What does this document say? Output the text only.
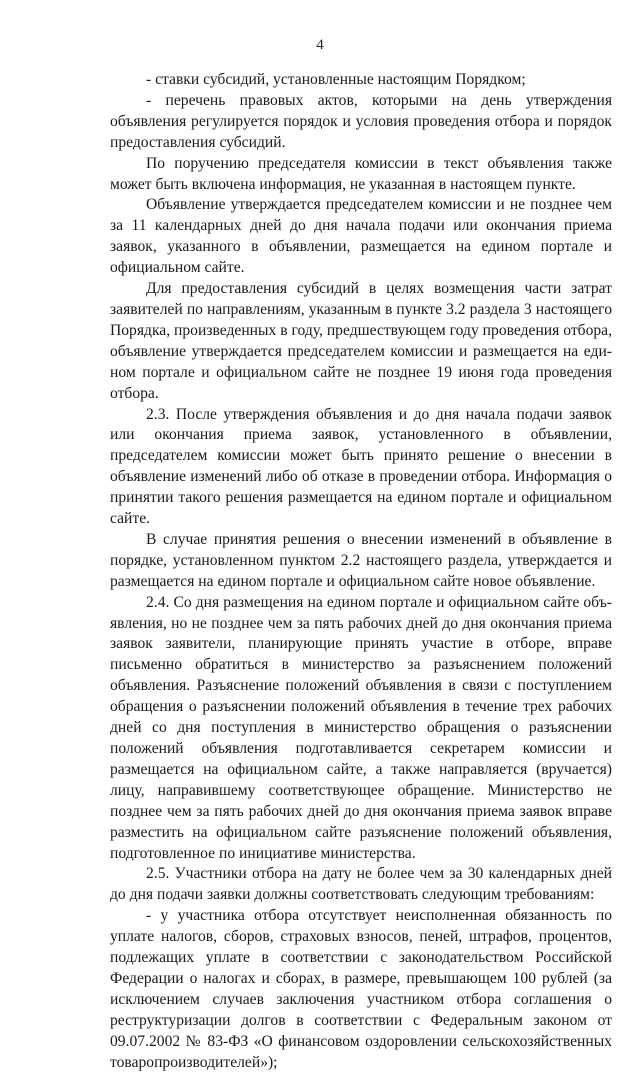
4

- ставки субсидий, установленные настоящим Порядком;

- перечень правовых актов, которыми на день утверждения объявления регулируется порядок и условия проведения отбора и порядок предоставления субсидий.

По поручению председателя комиссии в текст объявления также может быть включена информация, не указанная в настоящем пункте.

Объявление утверждается председателем комиссии и не позднее чем за 11 календарных дней до дня начала подачи или окончания приема заявок, указанного в объявлении, размещается на едином портале и официальном сайте.

Для предоставления субсидий в целях возмещения части затрат заявителей по направлениям, указанным в пункте 3.2 раздела 3 настоящего Порядка, произведенных в году, предшествующем году проведения отбора, объявление утверждается председателем комиссии и размещается на едином портале и официальном сайте не позднее 19 июня года проведения отбора.

2.3. После утверждения объявления и до дня начала подачи заявок или окончания приема заявок, установленного в объявлении, председателем комиссии может быть принято решение о внесении в объявление изменений либо об отказе в проведении отбора. Информация о принятии такого решения размещается на едином портале и официальном сайте.

В случае принятия решения о внесении изменений в объявление в порядке, установленном пунктом 2.2 настоящего раздела, утверждается и размещается на едином портале и официальном сайте новое объявление.

2.4. Со дня размещения на едином портале и официальном сайте объявления, но не позднее чем за пять рабочих дней до дня окончания приема заявок заявители, планирующие принять участие в отборе, вправе письменно обратиться в министерство за разъяснением положений объявления. Разъяснение положений объявления в связи с поступлением обращения о разъяснении положений объявления в течение трех рабочих дней со дня поступления в министерство обращения о разъяснении положений объявления подготавливается секретарем комиссии и размещается на официальном сайте, а также направляется (вручается) лицу, направившему соответствующее обращение. Министерство не позднее чем за пять рабочих дней до дня окончания приема заявок вправе разместить на официальном сайте разъяснение положений объявления, подготовленное по инициативе министерства.

2.5. Участники отбора на дату не более чем за 30 календарных дней до дня подачи заявки должны соответствовать следующим требованиям:

- у участника отбора отсутствует неисполненная обязанность по уплате налогов, сборов, страховых взносов, пеней, штрафов, процентов, подлежащих уплате в соответствии с законодательством Российской Федерации о налогах и сборах, в размере, превышающем 100 рублей (за исключением случаев заключения участником отбора соглашения о реструктуризации долгов в соответствии с Федеральным законом от 09.07.2002 № 83-ФЗ «О финансовом оздоровлении сельскохозяйственных товаропроизводителей»);
